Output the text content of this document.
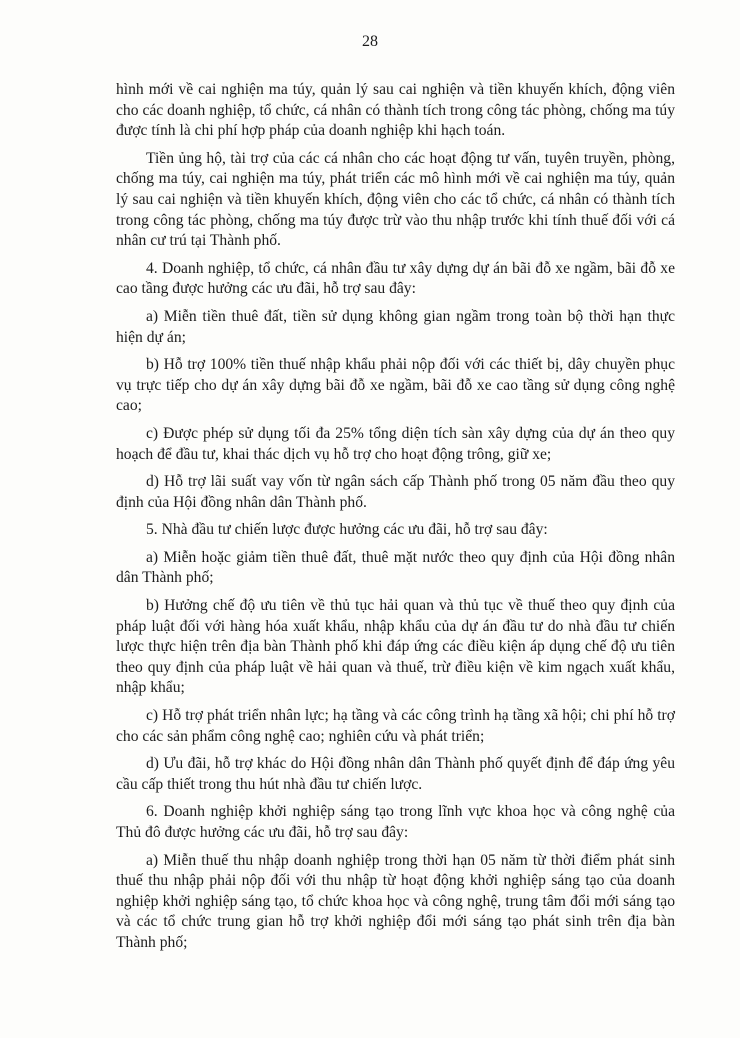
28

hình mới về cai nghiện ma túy, quản lý sau cai nghiện và tiền khuyến khích, động viên cho các doanh nghiệp, tổ chức, cá nhân có thành tích trong công tác phòng, chống ma túy được tính là chi phí hợp pháp của doanh nghiệp khi hạch toán.

Tiền ủng hộ, tài trợ của các cá nhân cho các hoạt động tư vấn, tuyên truyền, phòng, chống ma túy, cai nghiện ma túy, phát triển các mô hình mới về cai nghiện ma túy, quản lý sau cai nghiện và tiền khuyến khích, động viên cho các tổ chức, cá nhân có thành tích trong công tác phòng, chống ma túy được trừ vào thu nhập trước khi tính thuế đối với cá nhân cư trú tại Thành phố.

4. Doanh nghiệp, tổ chức, cá nhân đầu tư xây dựng dự án bãi đỗ xe ngầm, bãi đỗ xe cao tầng được hưởng các ưu đãi, hỗ trợ sau đây:

a) Miễn tiền thuê đất, tiền sử dụng không gian ngầm trong toàn bộ thời hạn thực hiện dự án;

b) Hỗ trợ 100% tiền thuế nhập khẩu phải nộp đối với các thiết bị, dây chuyền phục vụ trực tiếp cho dự án xây dựng bãi đỗ xe ngầm, bãi đỗ xe cao tầng sử dụng công nghệ cao;

c) Được phép sử dụng tối đa 25% tổng diện tích sàn xây dựng của dự án theo quy hoạch để đầu tư, khai thác dịch vụ hỗ trợ cho hoạt động trông, giữ xe;

d) Hỗ trợ lãi suất vay vốn từ ngân sách cấp Thành phố trong 05 năm đầu theo quy định của Hội đồng nhân dân Thành phố.

5. Nhà đầu tư chiến lược được hưởng các ưu đãi, hỗ trợ sau đây:

a) Miễn hoặc giảm tiền thuê đất, thuê mặt nước theo quy định của Hội đồng nhân dân Thành phố;

b) Hưởng chế độ ưu tiên về thủ tục hải quan và thủ tục về thuế theo quy định của pháp luật đối với hàng hóa xuất khẩu, nhập khẩu của dự án đầu tư do nhà đầu tư chiến lược thực hiện trên địa bàn Thành phố khi đáp ứng các điều kiện áp dụng chế độ ưu tiên theo quy định của pháp luật về hải quan và thuế, trừ điều kiện về kim ngạch xuất khẩu, nhập khẩu;

c) Hỗ trợ phát triển nhân lực; hạ tầng và các công trình hạ tầng xã hội; chi phí hỗ trợ cho các sản phẩm công nghệ cao; nghiên cứu và phát triển;

d) Ưu đãi, hỗ trợ khác do Hội đồng nhân dân Thành phố quyết định để đáp ứng yêu cầu cấp thiết trong thu hút nhà đầu tư chiến lược.

6. Doanh nghiệp khởi nghiệp sáng tạo trong lĩnh vực khoa học và công nghệ của Thủ đô được hưởng các ưu đãi, hỗ trợ sau đây:

a) Miễn thuế thu nhập doanh nghiệp trong thời hạn 05 năm từ thời điểm phát sinh thuế thu nhập phải nộp đối với thu nhập từ hoạt động khởi nghiệp sáng tạo của doanh nghiệp khởi nghiệp sáng tạo, tổ chức khoa học và công nghệ, trung tâm đổi mới sáng tạo và các tổ chức trung gian hỗ trợ khởi nghiệp đổi mới sáng tạo phát sinh trên địa bàn Thành phố;
